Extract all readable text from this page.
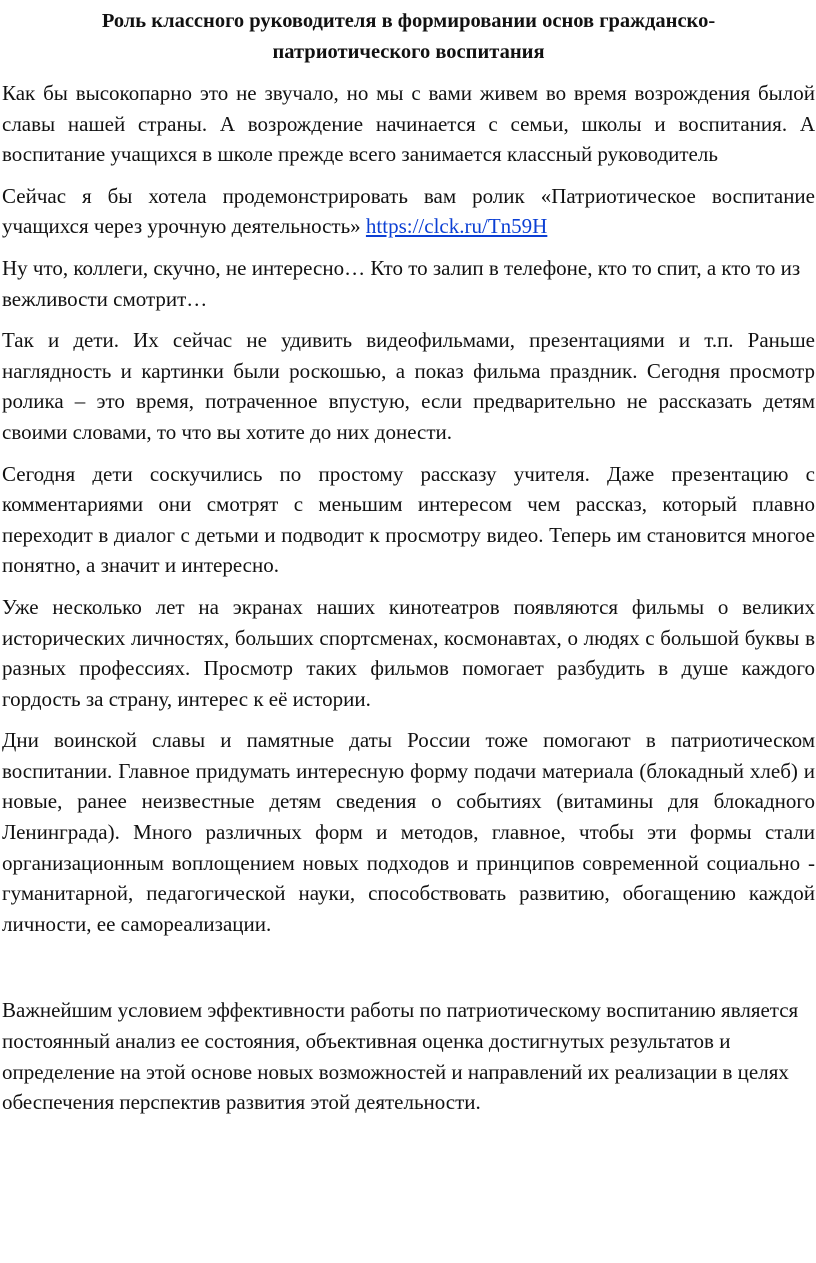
Роль классного руководителя в формировании основ гражданско-
патриотического воспитания

Как бы высокопарно это не звучало, но мы с вами живем во время возрождения былой славы нашей страны. А возрождение начинается с семьи, школы и воспитания. А воспитание учащихся в школе прежде всего занимается классный руководитель

Сейчас я бы хотела продемонстрировать вам ролик «Патриотическое воспитание учащихся через урочную деятельность» https://clck.ru/Tn59H

Ну что, коллеги, скучно, не интересно… Кто то залип в телефоне, кто то спит, а кто то из вежливости смотрит…

Так и дети. Их сейчас не удивить видеофильмами, презентациями и т.п. Раньше наглядность и картинки были роскошью, а показ фильма праздник. Сегодня просмотр ролика – это время, потраченное впустую, если предварительно не рассказать детям своими словами, то что вы хотите до них донести.

Сегодня дети соскучились по простому рассказу учителя. Даже презентацию с комментариями они смотрят с меньшим интересом чем рассказ, который плавно переходит в диалог с детьми и подводит к просмотру видео. Теперь им становится многое понятно, а значит и интересно.

Уже несколько лет на экранах наших кинотеатров появляются фильмы о великих исторических личностях, больших спортсменах, космонавтах, о людях с большой буквы в разных профессиях. Просмотр таких фильмов помогает разбудить в душе каждого гордость за страну, интерес к её истории.

Дни воинской славы и памятные даты России тоже помогают в патриотическом воспитании. Главное придумать интересную форму подачи материала (блокадный хлеб) и новые, ранее неизвестные детям сведения о событиях (витамины для блокадного Ленинграда). Много различных форм и методов, главное, чтобы эти формы стали организационным воплощением новых подходов и принципов современной социально - гуманитарной, педагогической науки, способствовать развитию, обогащению каждой личности, ее самореализации.

Важнейшим условием эффективности работы по патриотическому воспитанию является постоянный анализ ее состояния, объективная оценка достигнутых результатов и определение на этой основе новых возможностей и направлений их реализации в целях обеспечения перспектив развития этой деятельности.
